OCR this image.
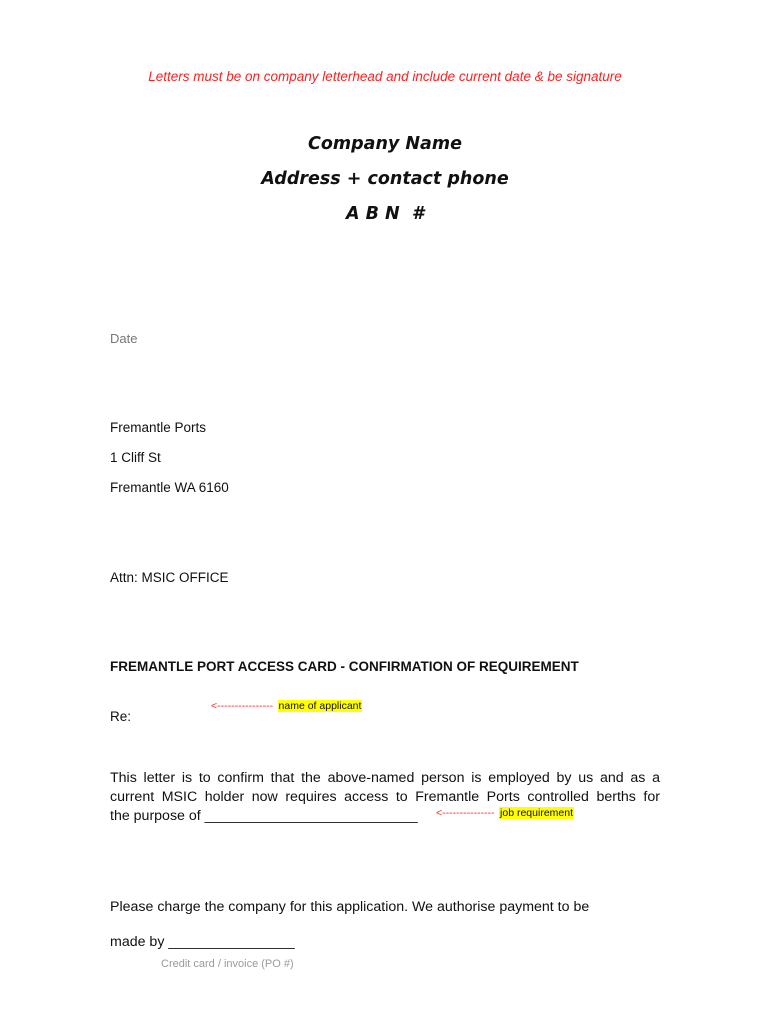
Letters must be on company letterhead and include current date & be signature
Company Name
Address + contact phone
A B N  #
Date
Fremantle Ports
1 Cliff St
Fremantle WA 6160
Attn: MSIC OFFICE
FREMANTLE PORT ACCESS CARD - CONFIRMATION OF REQUIREMENT
<---------------- name of applicant
Re:
This letter is to confirm that the above-named person is employed by us and as a
current MSIC holder now requires access to Fremantle Ports controlled berths for
the purpose of ___________________________	<--------------- job requirement
Please charge the company for this application. We authorise payment to be
made by ________________
Credit card / invoice (PO #)
